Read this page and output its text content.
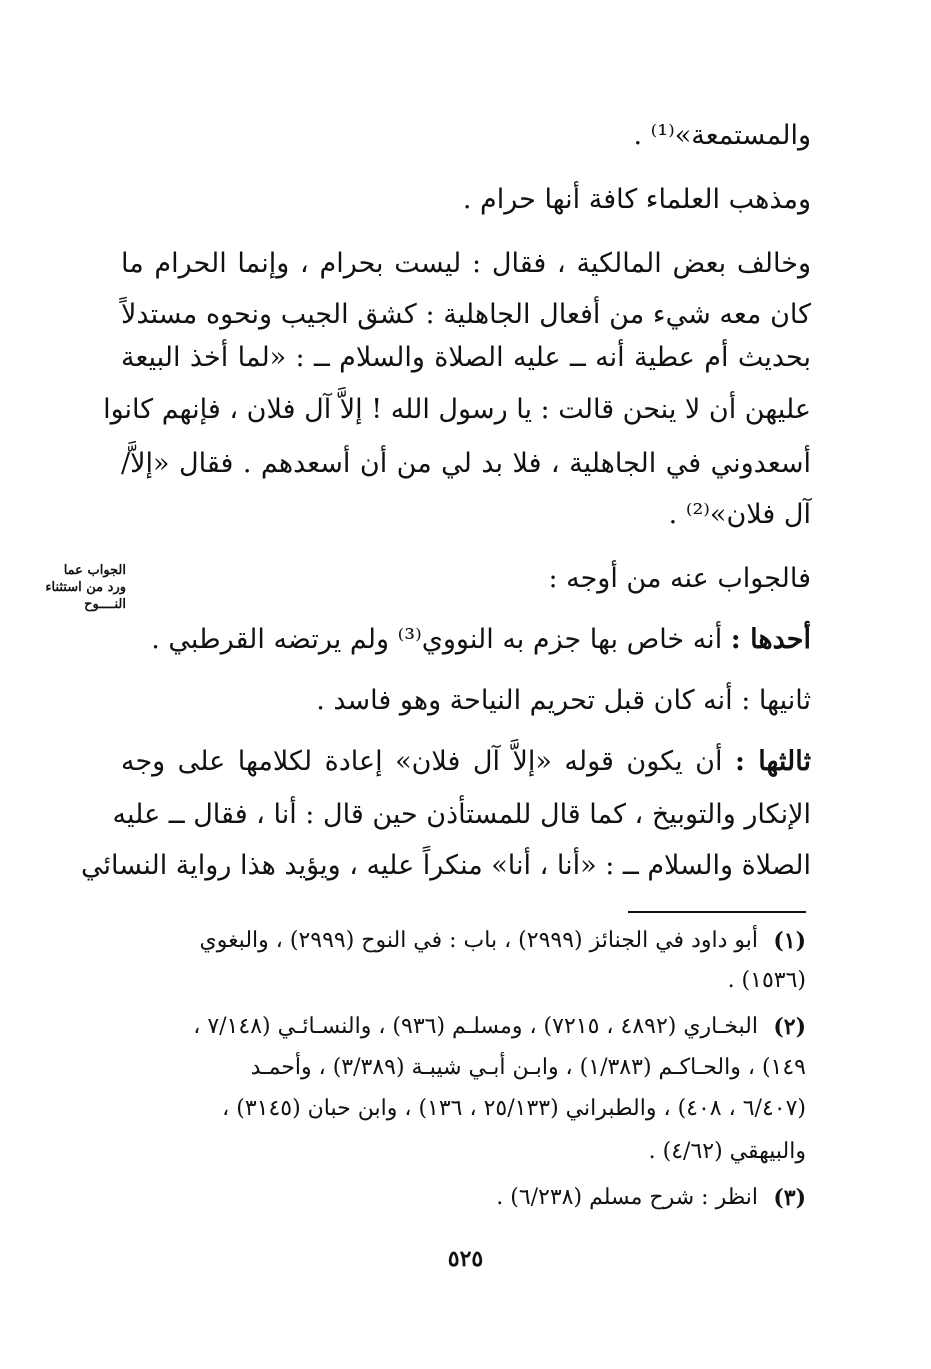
والمستمعة»⁽¹⁾ .
ومذهب العلماء كافة أنها حرام .
وخالف بعض المالكية ، فقال : ليست بحرام ، وإنما الحرام ما
كان معه شيء من أفعال الجاهلية : كشق الجيب ونحوه مستدلاً
بحديث أم عطية أنه ــ عليه الصلاة والسلام ــ : «لما أخذ البيعة
عليهن أن لا ينحن قالت : يا رسول الله ! إلاَّ آل فلان ، فإنهم كانوا
أسعدوني في الجاهلية ، فلا بد لي من أن أسعدهم . فقال «إلاَّ/
آل فلان»⁽²⁾ .
فالجواب عنه من أوجه :
أحدها : أنه خاص بها جزم به النووي⁽³⁾ ولم يرتضه القرطبي .
ثانيها : أنه كان قبل تحريم النياحة وهو فاسد .
ثالثها : أن يكون قوله «إلاَّ آل فلان» إعادة لكلامها على وجه
الإنكار والتوبيخ ، كما قال للمستأذن حين قال : أنا ، فقال ــ عليه
الصلاة والسلام ــ : «أنا ، أنا» منكراً عليه ، ويؤيد هذا رواية النسائي
الجواب عما
ورد من استثناء
النــــوح
(١)
أبو داود في الجنائز (٢٩٩٩) ، باب : في النوح (٢٩٩٩) ، والبغوي
(١٥٣٦) .
(٢)
البخـاري (٤٨٩٢ ، ٧٢١٥) ، ومسلـم (٩٣٦) ، والنسـائـي (٧/١٤٨ ،
١٤٩) ، والحـاكـم (١/٣٨٣) ، وابـن أبـي شيبـة (٣/٣٨٩) ، وأحمـد
(٦/٤٠٧ ، ٤٠٨) ، والطبراني (٢٥/١٣٣ ، ١٣٦) ، وابن حبان (٣١٤٥) ،
والبيهقي (٤/٦٢) .
(٣)
انظر : شرح مسلم (٦/٢٣٨) .
٥٢٥
